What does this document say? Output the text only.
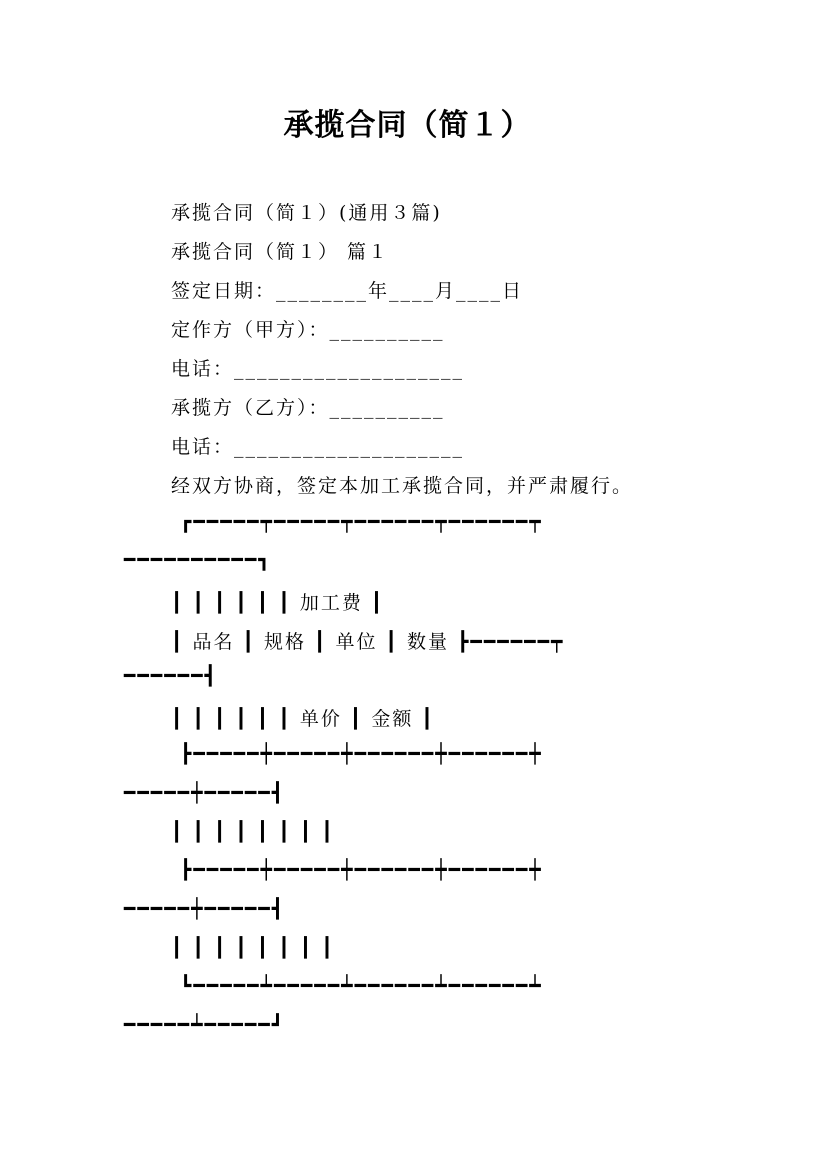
承揽合同（简１）
承揽合同（简１）(通用３篇)
承揽合同（简１） 篇１
签定日期：________年____月____日
定作方（甲方）：__________
电话：____________________
承揽方（乙方）：__________
电话：____________________
经双方协商，签定本加工承揽合同，并严肃履行。
┏━━━━━┯━━━━━┯━━━━━━┯━━━━━━┯
━━━━━━━━━━┓
┃ ┃ ┃ ┃ ┃ ┃ 加工费 ┃
┃ 品名 ┃ 规格 ┃ 单位 ┃ 数量 ┣━━━━━━┯
━━━━━━┫
┃ ┃ ┃ ┃ ┃ ┃ 单价 ┃ 金额 ┃
┣━━━━━┿━━━━━┿━━━━━━┿━━━━━━┿
━━━━━┿━━━━━┫
┃ ┃ ┃ ┃ ┃ ┃ ┃ ┃
┣━━━━━┿━━━━━┿━━━━━━┿━━━━━━┿
━━━━━┿━━━━━┫
┃ ┃ ┃ ┃ ┃ ┃ ┃ ┃
┗━━━━━┷━━━━━┷━━━━━━┷━━━━━━┷
━━━━━┷━━━━━┛
